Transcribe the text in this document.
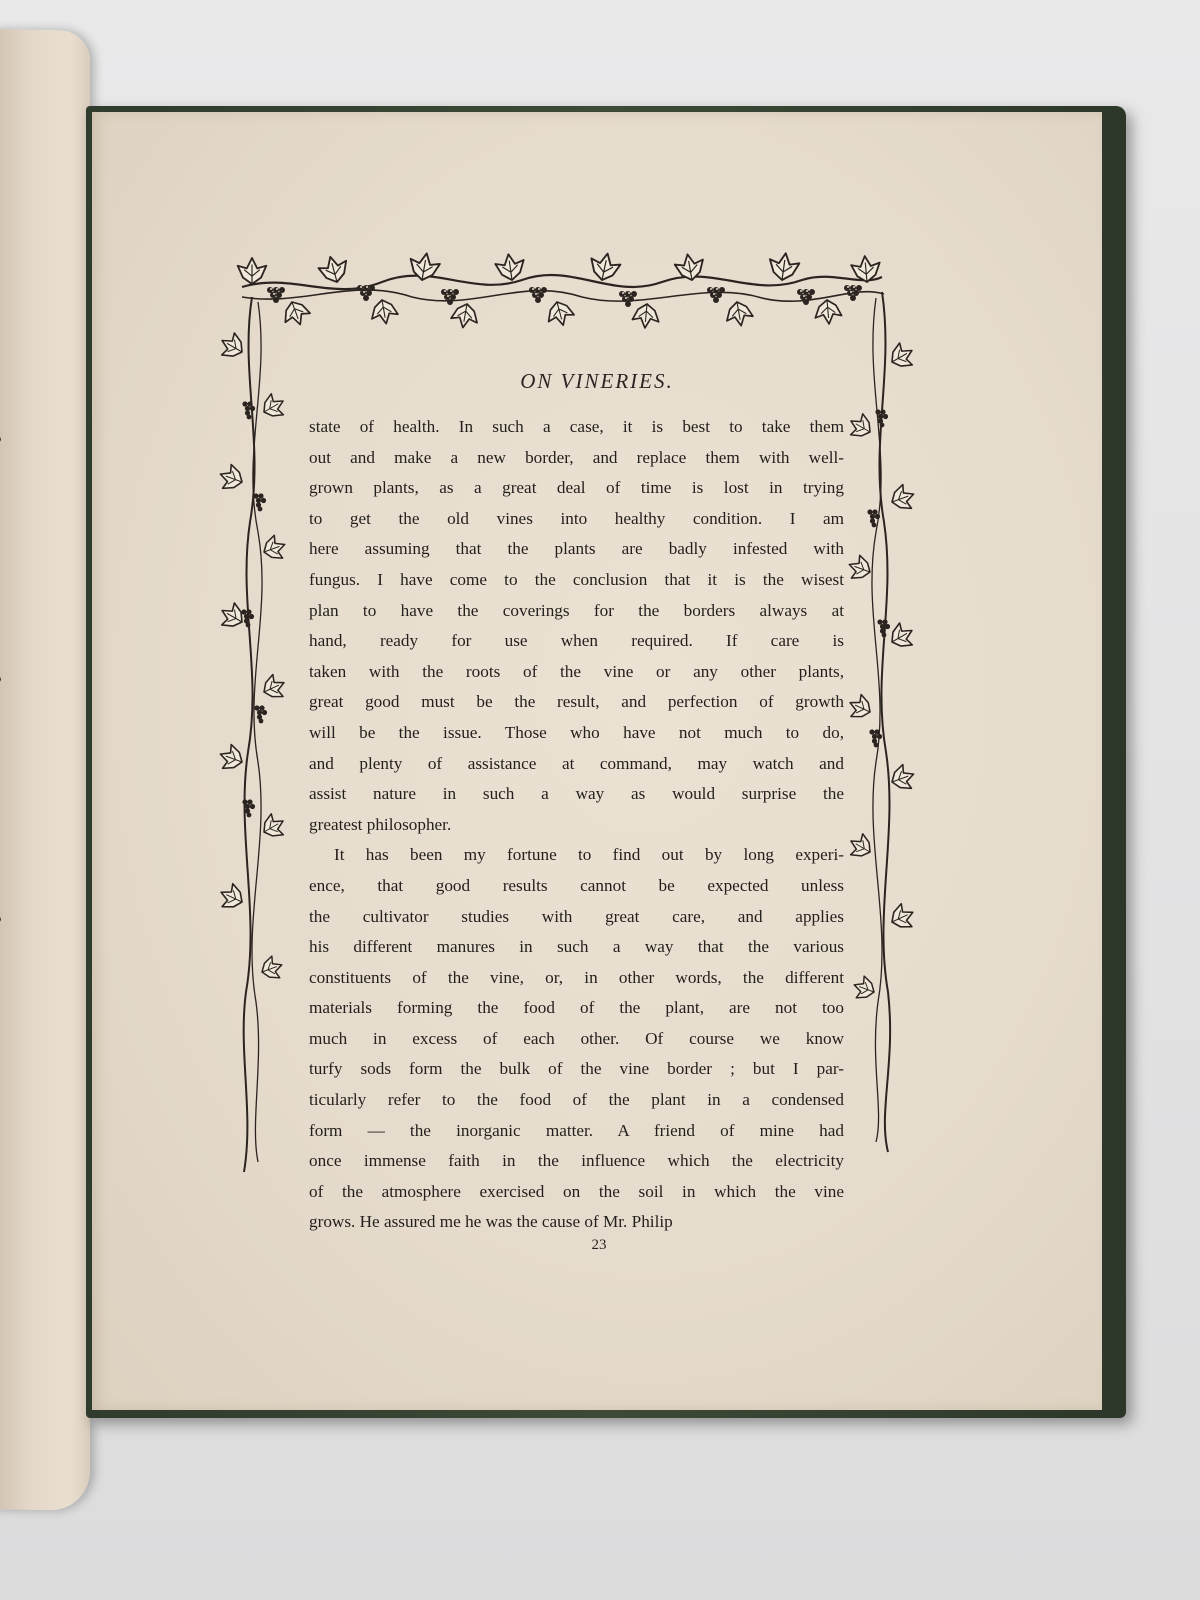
ON VINERIES.
state of health. In such a case, it is best to take them
out and make a new border, and replace them with well-
grown plants, as a great deal of time is lost in trying
to get the old vines into healthy condition. I am
here assuming that the plants are badly infested with
fungus. I have come to the conclusion that it is the wisest
plan to have the coverings for the borders always at
hand, ready for use when required. If care is
taken with the roots of the vine or any other plants,
great good must be the result, and perfection of growth
will be the issue. Those who have not much to do,
and plenty of assistance at command, may watch and
assist nature in such a way as would surprise the
greatest philosopher.
It has been my fortune to find out by long experi-
ence, that good results cannot be expected unless
the cultivator studies with great care, and applies
his different manures in such a way that the various
constituents of the vine, or, in other words, the different
materials forming the food of the plant, are not too
much in excess of each other. Of course we know
turfy sods form the bulk of the vine border ; but I par-
ticularly refer to the food of the plant in a condensed
form — the inorganic matter. A friend of mine had
once immense faith in the influence which the electricity
of the atmosphere exercised on the soil in which the vine
grows. He assured me he was the cause of Mr. Philip
23
